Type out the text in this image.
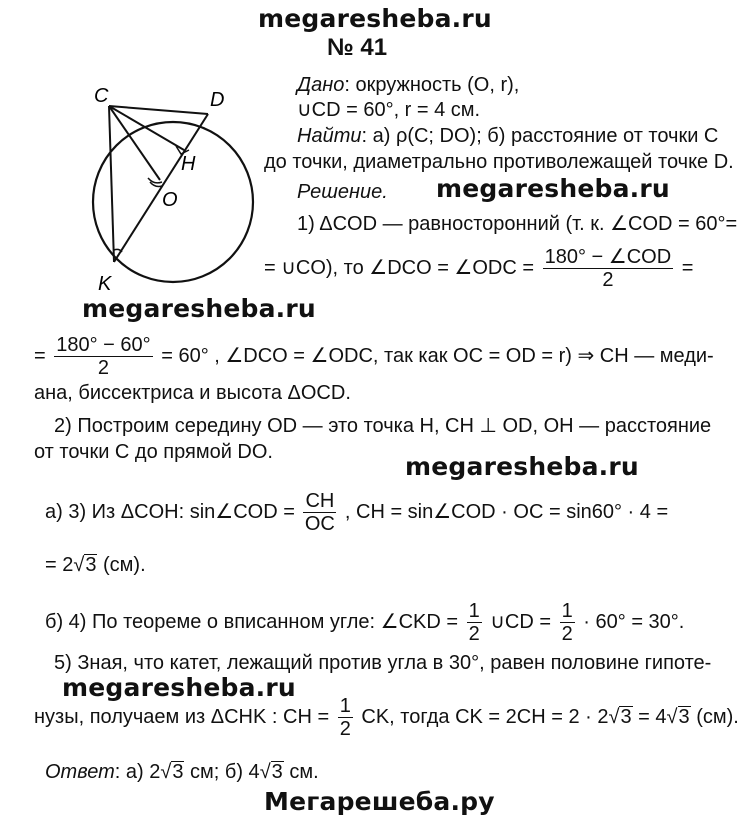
megaresheba.ru
megaresheba.ru
megaresheba.ru
megaresheba.ru
megaresheba.ru
Мегарешеба.ру
№ 41
C	D
H
O
K
Дано: окружность (O, r),
∪CD = 60°, r = 4 см.
Найти: а) ρ(C; DO); б) расстояние от точки C
до точки, диаметрально противолежащей точке D.
Решение.
1) ΔCOD — равносторонний (т. к. ∠COD = 60°=
= ∪CO), то ∠DCO = ∠ODC = $\frac{\text{180° − ∠COD}}{2}$ =
= $\frac{180^\circ - 60^\circ}{2} = 60^\circ$ , ∠DCO = ∠ODC, так как OC = OD = r) ⇒ CH — меди-
ана, биссектриса и высота ΔOCD.
2) Построим середину OD — это точка H, CH ⊥ OD, OH — расстояние
от точки C до прямой DO.
а) 3) Из ΔCOH: sin∠COD = $\frac{CH}{OC}$ , CH = sin∠COD · OC = sin60° · 4 =
= 2√3 (см).
б) 4) По теореме о вписанном угле: ∠CKD = $\frac{1}{2}$ ∪CD = $\frac{1}{2} \cdot 60^\circ = 30^\circ$.
5) Зная, что катет, лежащий против угла в 30°, равен половине гипоте-
нузы, получаем из ΔCHK : CH = $\frac{1}{2}$ CK, тогда CK = 2CH = 2 · 2√3 = 4√3 (см).
Ответ: а) 2√3 см; б) 4√3 см.
